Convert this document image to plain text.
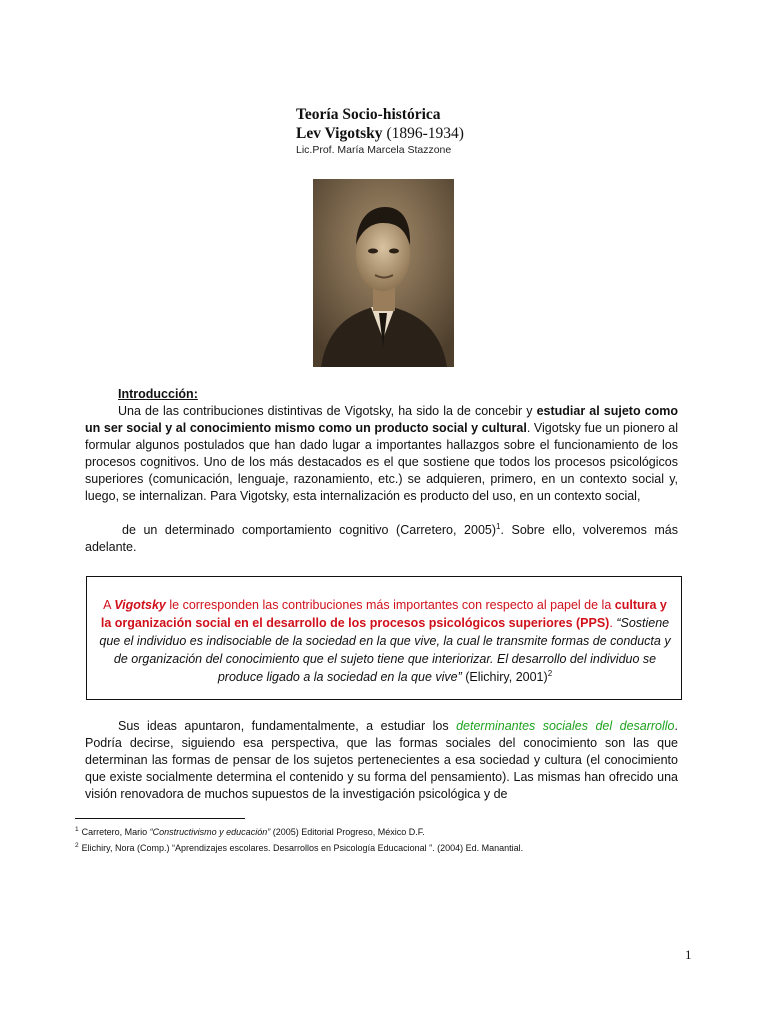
Teoría Socio-histórica
Lev Vigotsky (1896-1934)
Lic.Prof. María Marcela Stazzone
Introducción:
Una de las contribuciones distintivas de Vigotsky, ha sido la de concebir y estudiar al sujeto como un ser social y al conocimiento mismo como un producto social y cultural. Vigotsky fue un pionero al formular algunos postulados que han dado lugar a importantes hallazgos sobre el funcionamiento de los procesos cognitivos. Uno de los más destacados es el que sostiene que todos los procesos psicológicos superiores (comunicación, lenguaje, razonamiento, etc.) se adquieren, primero, en un contexto social y, luego, se internalizan. Para Vigotsky, esta internalización es producto del uso, en un contexto social,
de un determinado comportamiento cognitivo (Carretero, 2005)$^1$. Sobre ello, volveremos más adelante.
A Vigotsky le corresponden las contribuciones más importantes con respecto al papel de la cultura y la organización social en el desarrollo de los procesos psicológicos superiores (PPS). “Sostiene que el individuo es indisociable de la sociedad en la que vive, la cual le transmite formas de conducta y de organización del conocimiento que el sujeto tiene que interiorizar. El desarrollo del individuo se produce ligado a la sociedad en la que vive” (Elichiry, 2001)$^2$
Sus ideas apuntaron, fundamentalmente, a estudiar los determinantes sociales del desarrollo. Podría decirse, siguiendo esa perspectiva, que las formas sociales del conocimiento son las que determinan las formas de pensar de los sujetos pertenecientes a esa sociedad y cultura (el conocimiento que existe socialmente determina el contenido y su forma del pensamiento). Las mismas han ofrecido una visión renovadora de muchos supuestos de la investigación psicológica y de
$^1$ Carretero, Mario “Constructivismo y educación” (2005) Editorial Progreso, México D.F.
$^2$ Elichiry, Nora (Comp.) “Aprendizajes escolares. Desarrollos en Psicología Educacional ”. (2004) Ed. Manantial.
1
